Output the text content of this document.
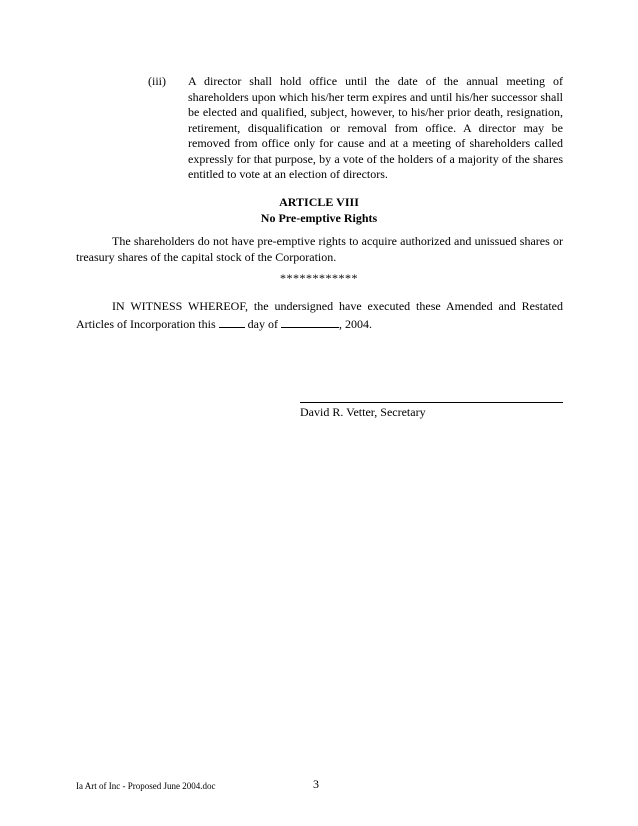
(iii) A director shall hold office until the date of the annual meeting of shareholders upon which his/her term expires and until his/her successor shall be elected and qualified, subject, however, to his/her prior death, resignation, retirement, disqualification or removal from office. A director may be removed from office only for cause and at a meeting of shareholders called expressly for that purpose, by a vote of the holders of a majority of the shares entitled to vote at an election of directors.
ARTICLE VIII
No Pre-emptive Rights
The shareholders do not have pre-emptive rights to acquire authorized and unissued shares or treasury shares of the capital stock of the Corporation.
************
IN WITNESS WHEREOF, the undersigned have executed these Amended and Restated Articles of Incorporation this  day of	, 2004.
David R. Vetter, Secretary
Ia Art of Inc - Proposed June 2004.doc	3
